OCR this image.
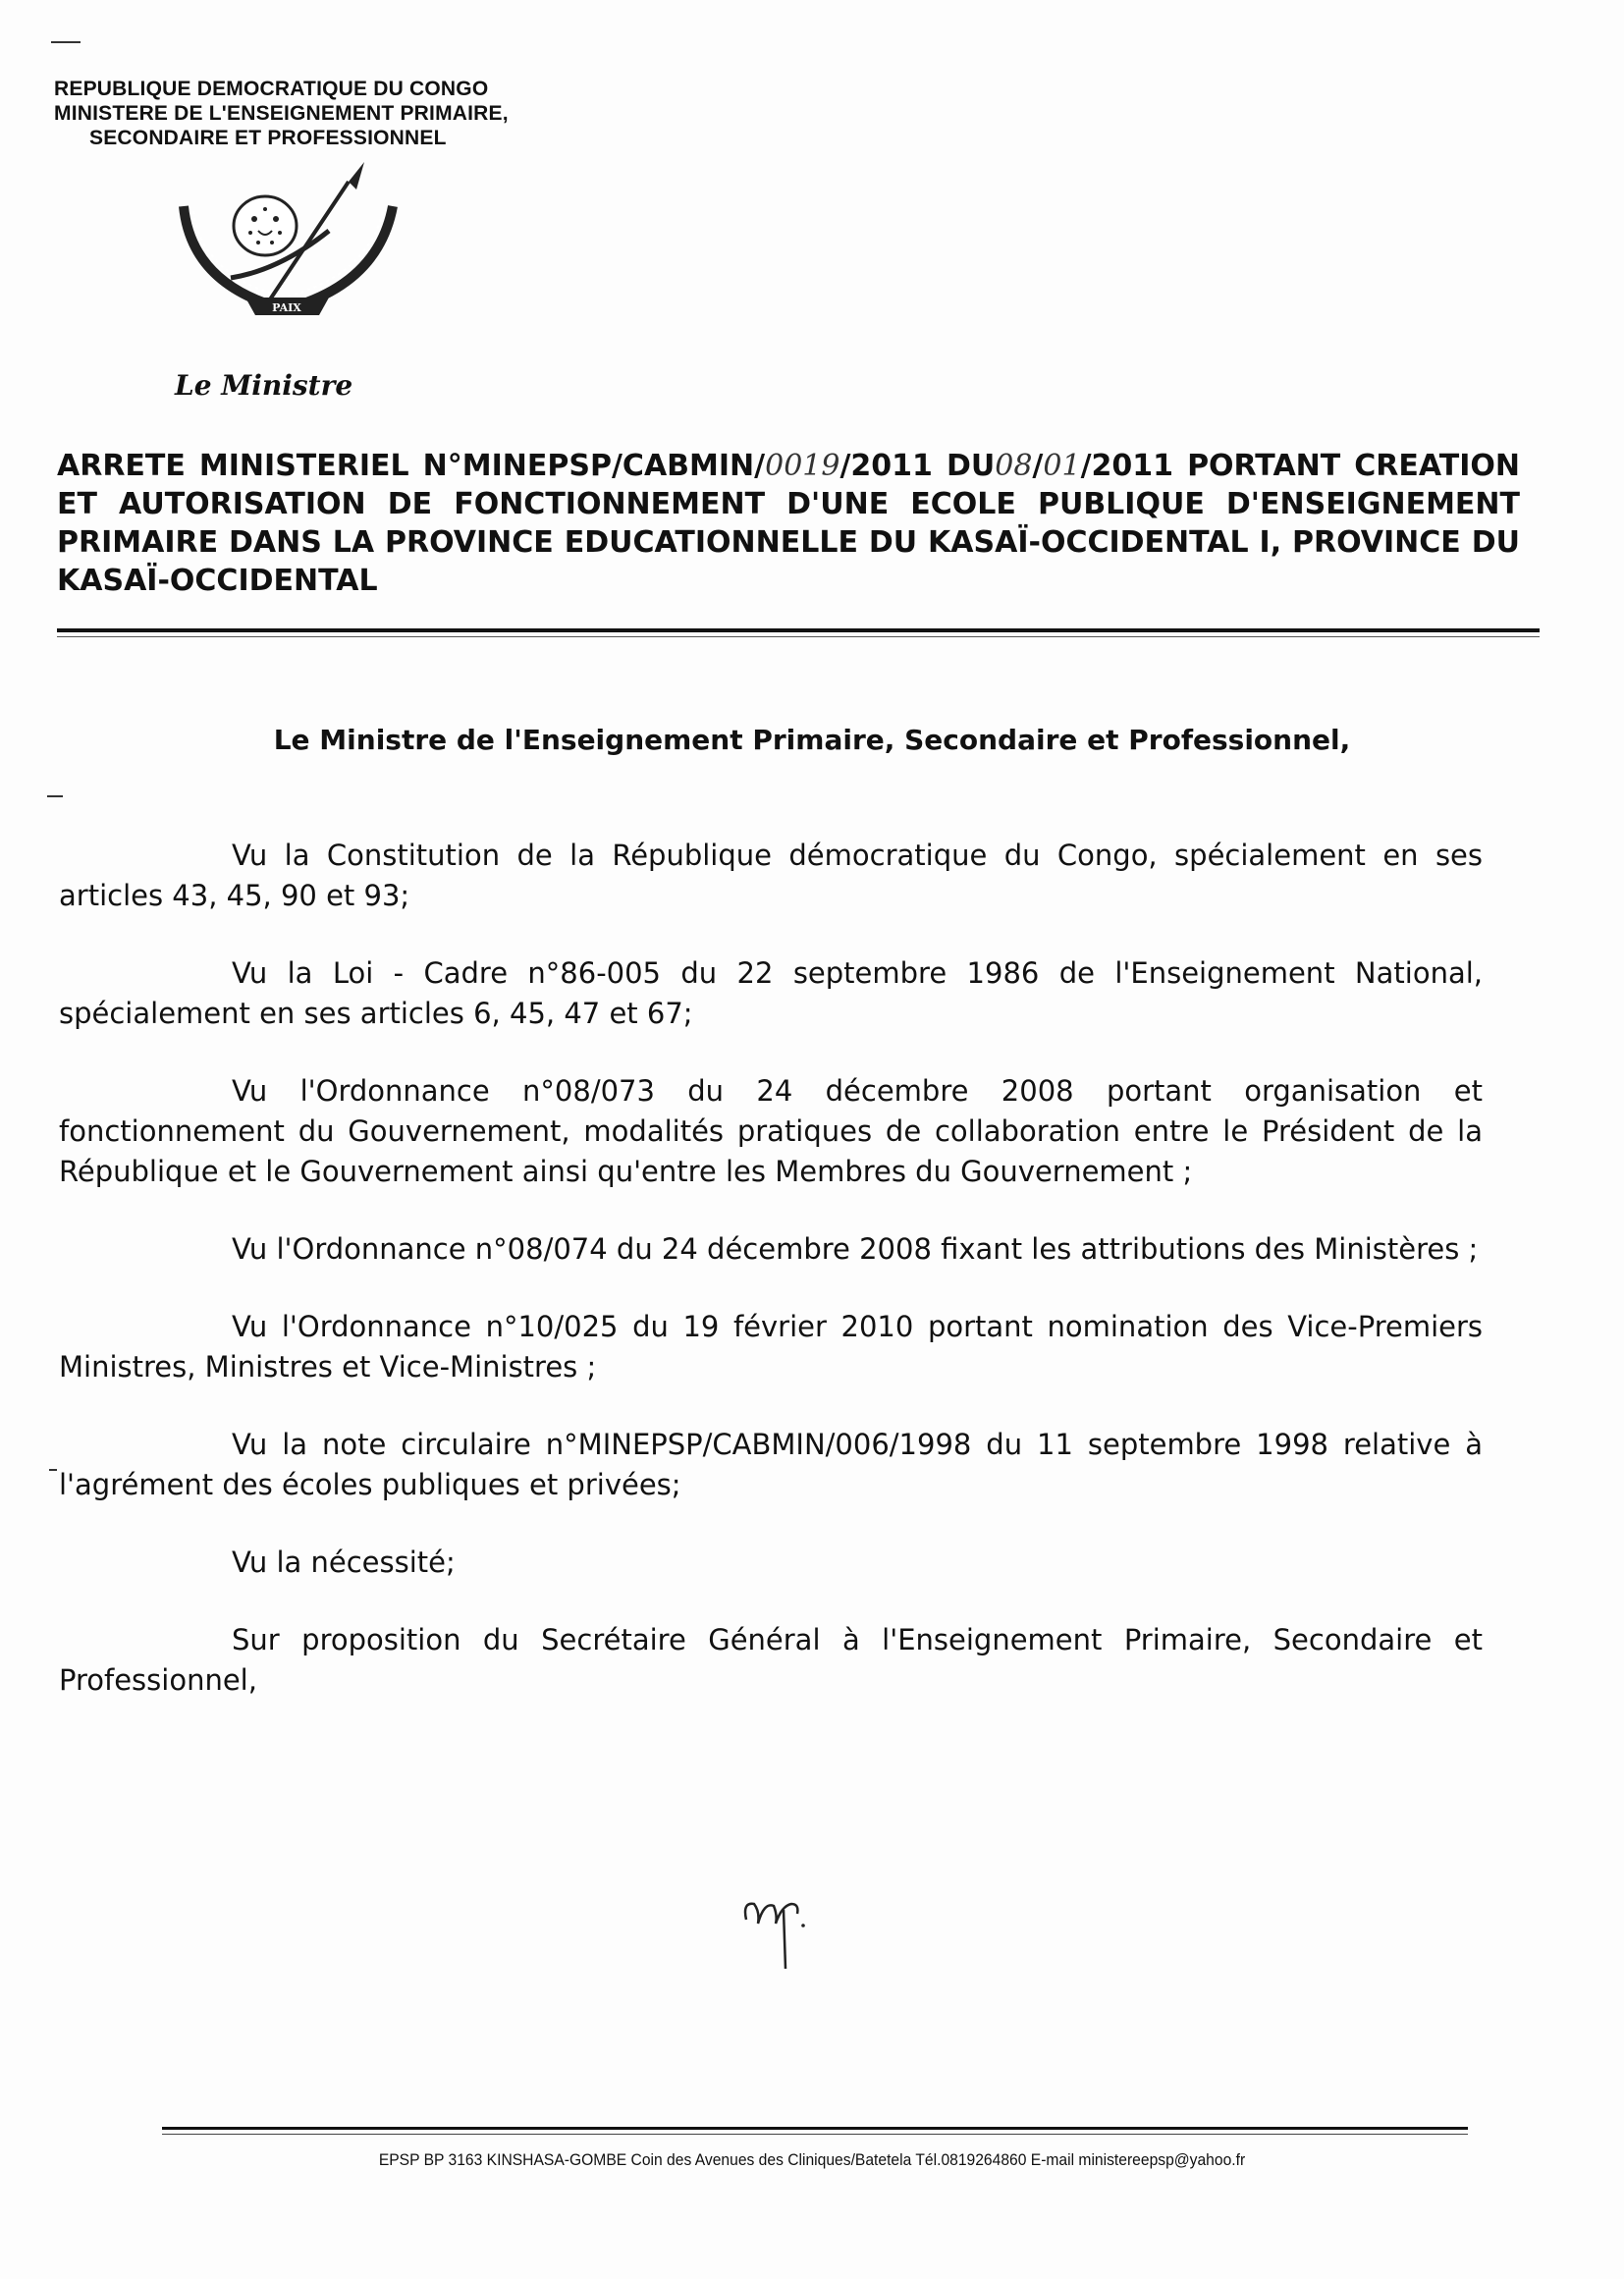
REPUBLIQUE DEMOCRATIQUE DU CONGO
MINISTERE DE L'ENSEIGNEMENT PRIMAIRE,
SECONDAIRE ET PROFESSIONNEL
PAIX
Le Ministre
ARRETE MINISTERIEL N°MINEPSP/CABMIN/0019/2011 DU08/01/2011 PORTANT CREATION ET AUTORISATION DE FONCTIONNEMENT D'UNE ECOLE PUBLIQUE D'ENSEIGNEMENT PRIMAIRE DANS LA PROVINCE EDUCATIONNELLE DU KASAÏ-OCCIDENTAL I, PROVINCE DU KASAÏ-OCCIDENTAL
Le Ministre de l'Enseignement Primaire, Secondaire et Professionnel,

Vu la Constitution de la République démocratique du Congo, spécialement en ses articles 43, 45, 90 et 93;

Vu la Loi - Cadre n°86-005 du 22 septembre 1986 de l'Enseignement National, spécialement en ses articles 6, 45, 47 et 67;

Vu l'Ordonnance n°08/073 du 24 décembre 2008 portant organisation et fonctionnement du Gouvernement, modalités pratiques de collaboration entre le Président de la République et le Gouvernement ainsi qu'entre les Membres du Gouvernement ;

Vu l'Ordonnance n°08/074 du 24 décembre 2008 fixant les attributions des Ministères ;

Vu l'Ordonnance n°10/025 du 19 février 2010 portant nomination des Vice-Premiers Ministres, Ministres et Vice-Ministres ;

Vu la note circulaire n°MINEPSP/CABMIN/006/1998 du 11 septembre 1998 relative à l'agrément des écoles publiques et privées;

Vu la nécessité;

Sur proposition du Secrétaire Général à l'Enseignement Primaire, Secondaire et Professionnel,

EPSP BP 3163 KINSHASA-GOMBE Coin des Avenues des Cliniques/Batetela Tél.0819264860 E-mail ministereepsp@yahoo.fr
